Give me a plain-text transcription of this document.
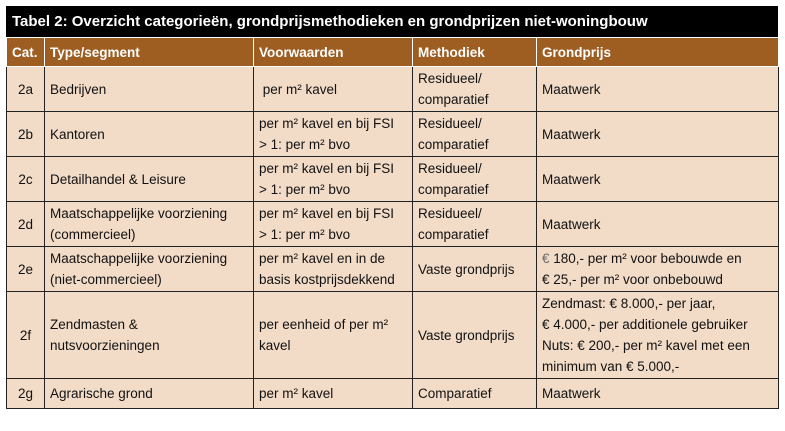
Tabel 2: Overzicht categorieën, grondprijsmethodieken en grondprijzen niet-woningbouw
Cat.	Type/segment	Voorwaarden	Methodiek	Grondprijs
2a	Bedrijven	per m² kavel	Residueel/
comparatief	Maatwerk

2b	Kantoren	per m² kavel en bij FSI
> 1: per m² bvo	Residueel/
comparatief	Maatwerk

2c	Detailhandel & Leisure	per m² kavel en bij FSI
> 1: per m² bvo	Residueel/
comparatief	Maatwerk

2d	Maatschappelijke voorziening
(commercieel)	per m² kavel en bij FSI
> 1: per m² bvo	Residueel/
comparatief	Maatwerk

2e	Maatschappelijke voorziening
(niet-commercieel)	per m² kavel en in de
basis kostprijsdekkend	Vaste grondprijs	€ 180,- per m² voor bebouwde en
€ 25,- per m² voor onbebouwd

2f	Zendmasten &
nutsvoorzieningen	per eenheid of per m²
kavel	Vaste grondprijs	Zendmast: € 8.000,- per jaar,
€ 4.000,- per additionele gebruiker
Nuts: € 200,- per m² kavel met een
minimum van € 5.000,-

2g	Agrarische grond	per m² kavel	Comparatief	Maatwerk
